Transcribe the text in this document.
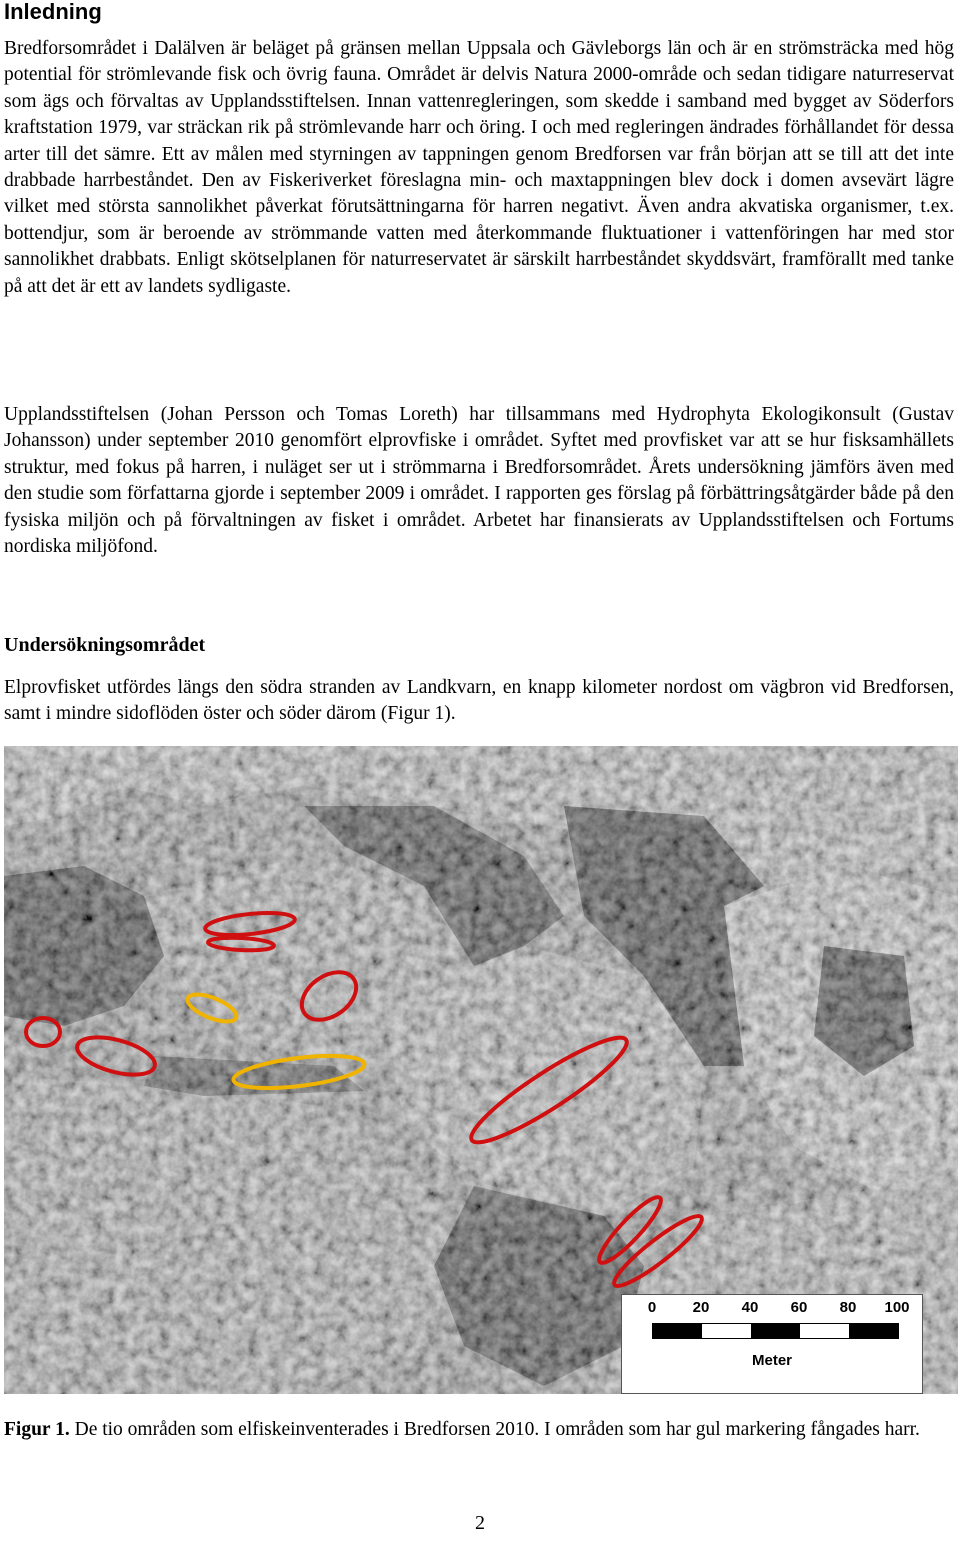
Inledning
Bredforsområdet i Dalälven är beläget på gränsen mellan Uppsala och Gävleborgs län och är en strömsträcka med hög potential för strömlevande fisk och övrig fauna. Området är delvis Natura 2000-område och sedan tidigare naturreservat som ägs och förvaltas av Upplandsstiftelsen. Innan vattenregleringen, som skedde i samband med bygget av Söderfors kraftstation 1979, var sträckan rik på strömlevande harr och öring. I och med regleringen ändrades förhållandet för dessa arter till det sämre. Ett av målen med styrningen av tappningen genom Bredforsen var från början att se till att det inte drabbade harrbeståndet. Den av Fiskeriverket föreslagna min- och maxtappningen blev dock i domen avsevärt lägre vilket med största sannolikhet påverkat förutsättningarna för harren negativt. Även andra akvatiska organismer, t.ex. bottendjur, som är beroende av strömmande vatten med återkommande fluktuationer i vattenföringen har med stor sannolikhet drabbats. Enligt skötselplanen för naturreservatet är särskilt harrbeståndet skyddsvärt, framförallt med tanke på att det är ett av landets sydligaste.
Upplandsstiftelsen (Johan Persson och Tomas Loreth) har tillsammans med Hydrophyta Ekologikonsult (Gustav Johansson) under september 2010 genomfört elprovfiske i området. Syftet med provfisket var att se hur fisksamhällets struktur, med fokus på harren, i nuläget ser ut i strömmarna i Bredforsområdet. Årets undersökning jämförs även med den studie som författarna gjorde i september 2009 i området. I rapporten ges förslag på förbättringsåtgärder både på den fysiska miljön och på förvaltningen av fisket i området. Arbetet har finansierats av Upplandsstiftelsen och Fortums nordiska miljöfond.
Undersökningsområdet
Elprovfisket utfördes längs den södra stranden av Landkvarn, en knapp kilometer nordost om vägbron vid Bredforsen, samt i mindre sidoflöden öster och söder därom (Figur 1).
0 20 40 60 80 100
Meter
Figur 1. De tio områden som elfiskeinventerades i Bredforsen 2010. I områden som har gul markering fångades harr.
2
